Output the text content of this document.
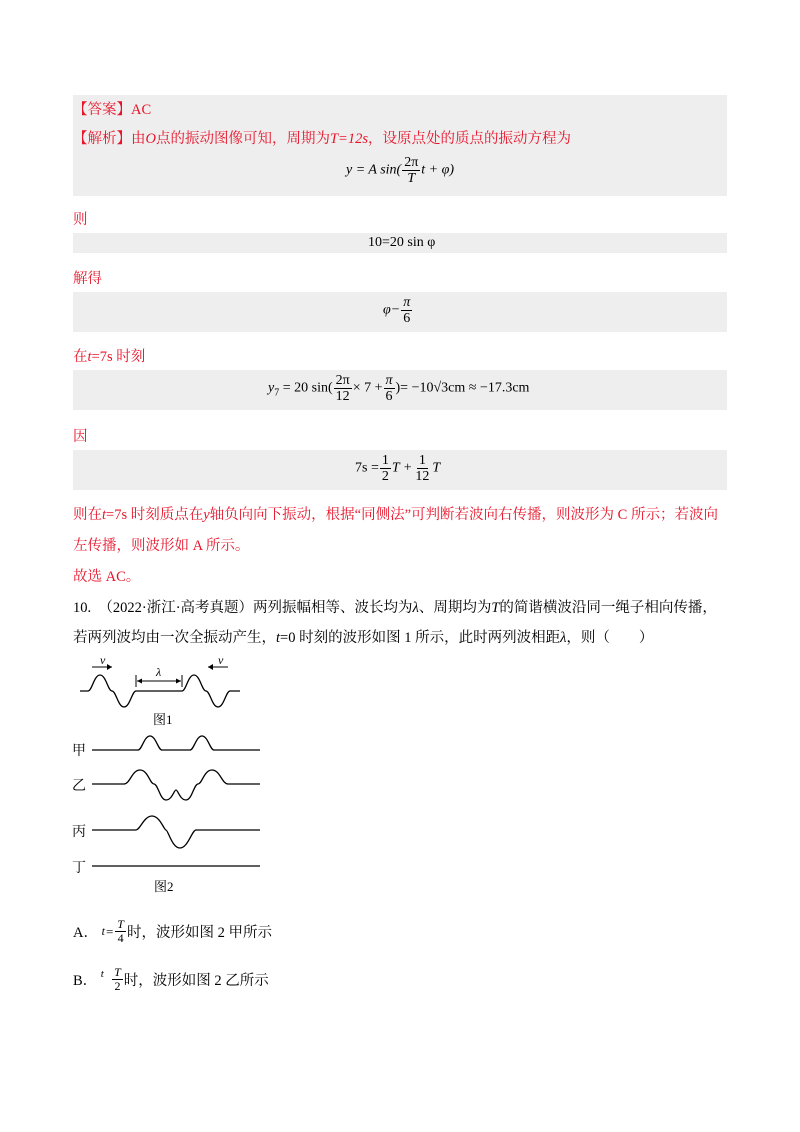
【答案】AC
【解析】由O点的振动图像可知，周期为T=12s，设原点处的质点的振动方程为
y = A $\sin( \frac{2\pi}{T}$ t + φ)
则
10=20 sin φ
解得
$\varphi- \frac{\pi}{6}$
在t=7s 时刻
$y_7 = 20$ $\sin( \frac{2\pi}{12} \times 7 + \frac{\pi}{6}$ )= −10√3cm ≈ −17.3cm
因
$7s = \frac{1}{2}$ $T + \frac{1}{12}$ T
则在t=7s 时刻质点在y轴负向向下振动，根据“同侧法”可判断若波向右传播，则波形为 C 所示；若波向
左传播，则波形如 A 所示。
故选 AC。
10. （2022·浙江·高考真题）两列振幅相等、波长均为λ、周期均为T的简谐横波沿同一绳子相向传播，
若两列波均由一次全振动产生，t=0 时刻的波形如图 1 所示，此时两列波相距λ，则（　　）
v	v
λ
图1
甲
乙
丙
丁
图2
A．
$t = \frac{T}{4}$ 时，波形如图 2 甲所示
B．
t
$\frac{T}{2}$ 时，波形如图 2 乙所示
